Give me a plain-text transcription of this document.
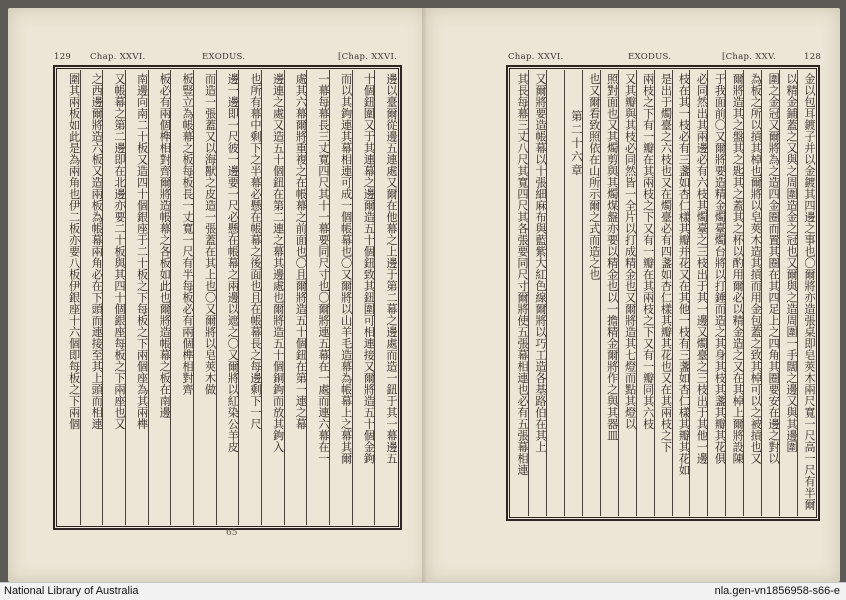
129 Chap. XXVI.	EXODUS.	[Chap. XXVI.
邊以臺爾從邊五連處又爾在他幕之上邊于第二幕之邊處而造一鈕于其一幕邊五
十個鈕圍又于其連幕之邊爾造五十個鈕致其鈕圍可相連接又爾將造五十個金鉤
而以其鉤連其幕相連可成一個帳幕也〇又爾將以山羊毛造幕為帳幕上之幕其爾
一幕每幕長三丈寬四尺其十一幕要同尺寸也〇爾將連五幕在一處而連六幕在一
處其六幕爾將重複之在帳幕之前面也〇且爾將造五十個鈕在第一連之幕
邊連之處又造五十個鈕在第二連之幕其邊處也爾將造五十個銅鉤而放其鉤入
也所有幕中剩下之半幕必懸在帳幕之後面也且在帳幕長之每邊剩下一尺
邊一邊即一尺彼一邊要一尺必懸在帳幕之兩邊以遮之〇又爾將以紅染公羊皮
而造一張蓋又以海獸之皮造一張蓋在其上也〇又爾將以皂莢木做
板豎立為帳幕之板每板長一丈寬一尺有半每板必有兩個榫相對齊
板必有兩個榫相對齊爾將造帳幕之各板如此也爾將造帳幕之板在南邊
南邊向南二十板又造四十個銀座于二十板之下每板之下兩個座為其兩榫
又帳幕之第二邊即在北邊亦要二十板與其四十個銀座每板之下兩座也又
之西邊爾將造六板又造兩板為帳幕兩角必在下頭而連接至其上頭而相連
圍其兩板如此是為兩角也伊二板亦要八板伊銀座十六個即每板之下兩個
65
Chap. XXVI.	EXODUS.	[Chap. XXV.	128
金以包耳鍍子并以金鍍其四邊之事也〇爾將亦造張桌即皂莢木兩尺寬一尺高一尺有半爾
以精金鋪蓋之又與之周圍造金之冠也又爾與之造周圍一手闊之邊又與其邊圍
圍之金冠又爾將為之造四金圈而置其圈在其四足上之四角其圈要安在邊之對以
為板之所以摃其棹也爾將以皂莢木造其摃而用金包蓋之致其棹可以之被摃也又
爾將造其之盤其之匙其之蓋其之杯以酌用爾必以精金造之又在其棹上爾將設陳
于我面前〇又爾將要造精金燭臺燭台將以打錘而造之其身其枝其盞其瓣其花俱
必同然出其兩邊必有六枝其燭臺之三枝出于其一邊又燭臺之三枝出于其他一邊
枝在其一枝必有三盞如杏仁樣其瓣并花又在其他一枝有三盞如杏仁樣其瓣其花如
是出于燭臺之六枝也又在燭臺必有四盞如杏仁樣其瓣其花也又在其兩枝之下
兩枝之下有一瓣在其兩枝之下又有一瓣在其兩枝之下又有一瓣同其六枝
又其瓣與其枝必同然皆一全片以打成精金也又爾將造其七燈而點其燈以
照對面也又其燭剪與其燭煤盤亦要以精金也以一擔精金爾將作之與其器皿
也又爾看致照依在山所示爾之式而造之也
第二十六章
又爾將要造帳幕以十張細麻布與藍紫大紅色線爾將以巧工造各基路伯在其上
其長每幕三丈八尺其寬四尺其各張要同尺寸爾將使五張幕相連也必有五張幕相連
National Library of Australia	nla.gen-vn1856958-s66-e
